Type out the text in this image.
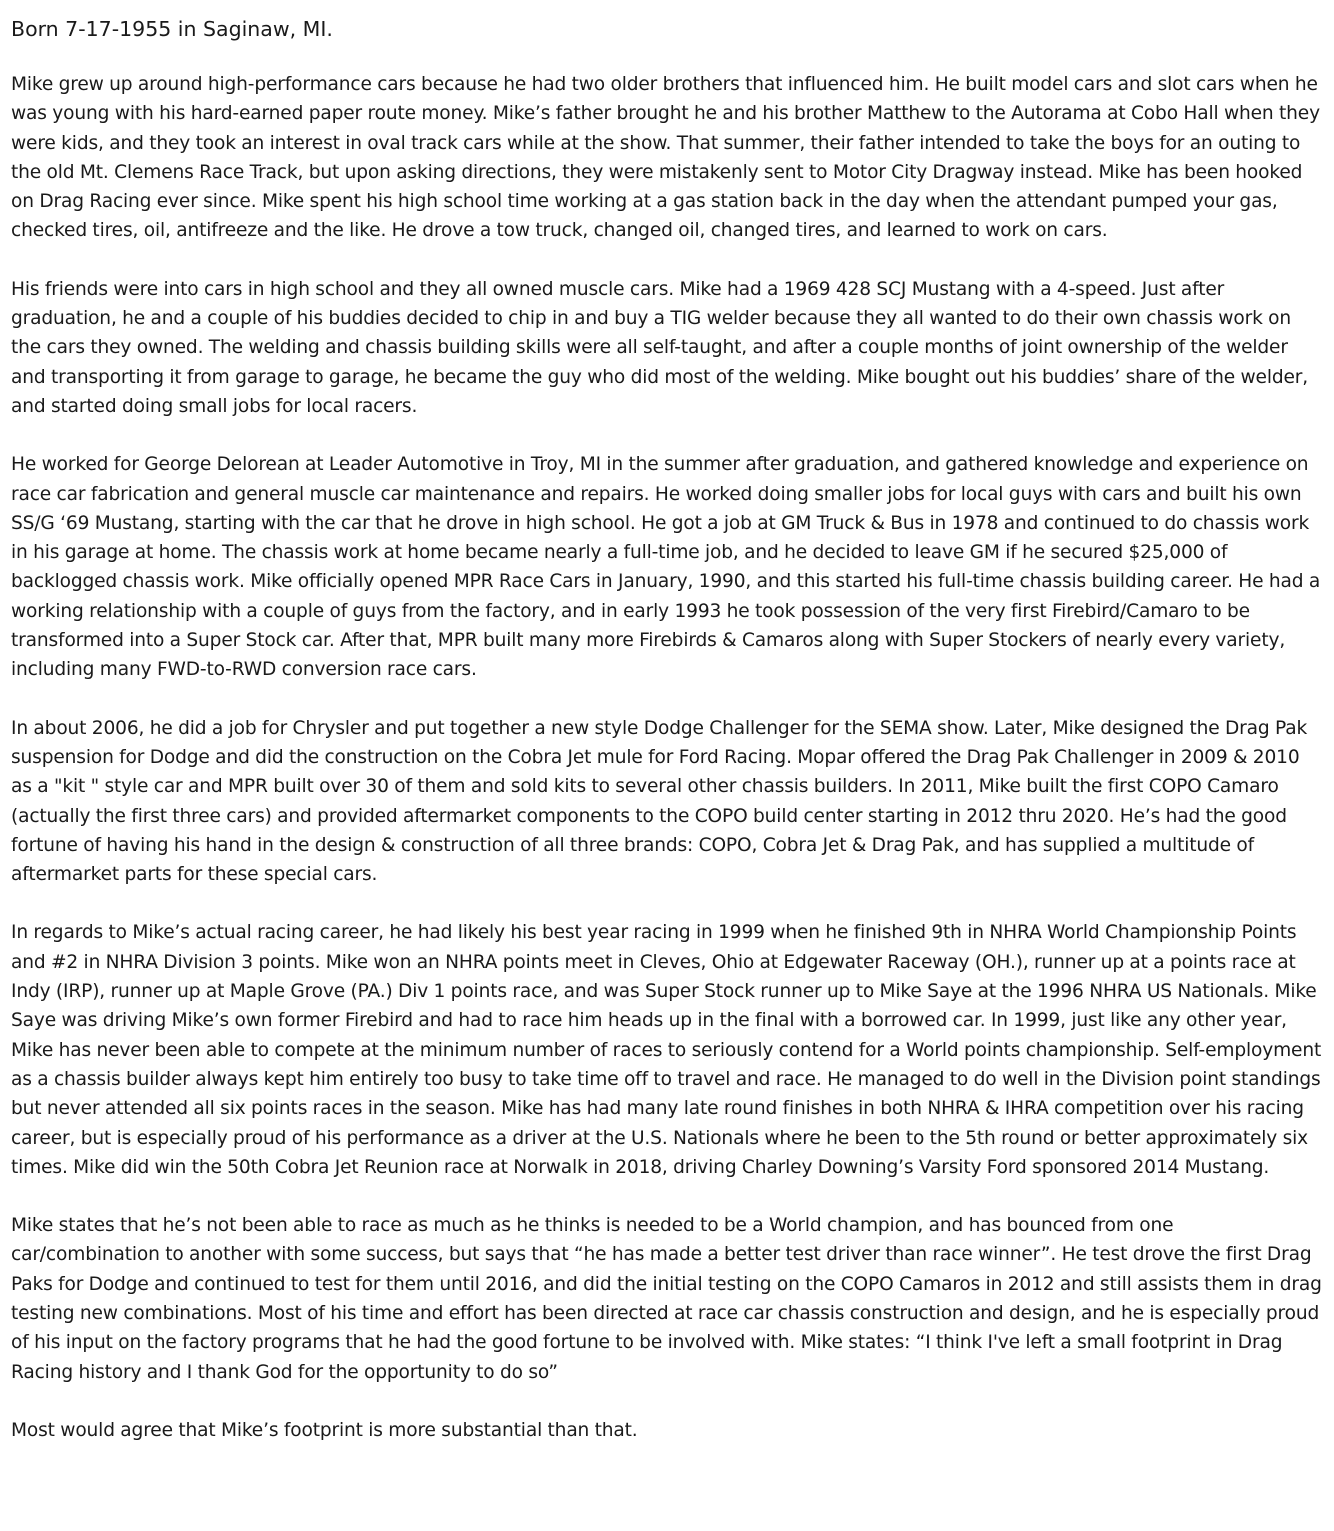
Born 7-17-1955 in Saginaw, MI.

Mike grew up around high-performance cars because he had two older brothers that influenced him. He built model cars and slot cars when he was young with his hard-earned paper route money. Mike’s father brought he and his brother Matthew to the Autorama at Cobo Hall when they were kids, and they took an interest in oval track cars while at the show. That summer, their father intended to take the boys for an outing to the old Mt. Clemens Race Track, but upon asking directions, they were mistakenly sent to Motor City Dragway instead. Mike has been hooked on Drag Racing ever since. Mike spent his high school time working at a gas station back in the day when the attendant pumped your gas, checked tires, oil, antifreeze and the like. He drove a tow truck, changed oil, changed tires, and learned to work on cars.

His friends were into cars in high school and they all owned muscle cars. Mike had a 1969 428 SCJ Mustang with a 4-speed. Just after graduation, he and a couple of his buddies decided to chip in and buy a TIG welder because they all wanted to do their own chassis work on the cars they owned. The welding and chassis building skills were all self-taught, and after a couple months of joint ownership of the welder and transporting it from garage to garage, he became the guy who did most of the welding. Mike bought out his buddies’ share of the welder, and started doing small jobs for local racers.

He worked for George Delorean at Leader Automotive in Troy, MI in the summer after graduation, and gathered knowledge and experience on race car fabrication and general muscle car maintenance and repairs. He worked doing smaller jobs for local guys with cars and built his own SS/G ‘69 Mustang, starting with the car that he drove in high school. He got a job at GM Truck & Bus in 1978 and continued to do chassis work in his garage at home. The chassis work at home became nearly a full-time job, and he decided to leave GM if he secured $25,000 of backlogged chassis work. Mike officially opened MPR Race Cars in January, 1990, and this started his full-time chassis building career. He had a working relationship with a couple of guys from the factory, and in early 1993 he took possession of the very first Firebird/Camaro to be transformed into a Super Stock car. After that, MPR built many more Firebirds & Camaros along with Super Stockers of nearly every variety, including many FWD-to-RWD conversion race cars.

In about 2006, he did a job for Chrysler and put together a new style Dodge Challenger for the SEMA show. Later, Mike designed the Drag Pak suspension for Dodge and did the construction on the Cobra Jet mule for Ford Racing. Mopar offered the Drag Pak Challenger in 2009 & 2010 as a "kit " style car and MPR built over 30 of them and sold kits to several other chassis builders. In 2011, Mike built the first COPO Camaro (actually the first three cars) and provided aftermarket components to the COPO build center starting in 2012 thru 2020. He’s had the good fortune of having his hand in the design & construction of all three brands: COPO, Cobra Jet & Drag Pak, and has supplied a multitude of aftermarket parts for these special cars.

In regards to Mike’s actual racing career, he had likely his best year racing in 1999 when he finished 9th in NHRA World Championship Points and #2 in NHRA Division 3 points. Mike won an NHRA points meet in Cleves, Ohio at Edgewater Raceway (OH.), runner up at a points race at Indy (IRP), runner up at Maple Grove (PA.) Div 1 points race, and was Super Stock runner up to Mike Saye at the 1996 NHRA US Nationals. Mike Saye was driving Mike’s own former Firebird and had to race him heads up in the final with a borrowed car. In 1999, just like any other year, Mike has never been able to compete at the minimum number of races to seriously contend for a World points championship. Self-employment as a chassis builder always kept him entirely too busy to take time off to travel and race. He managed to do well in the Division point standings but never attended all six points races in the season. Mike has had many late round finishes in both NHRA & IHRA competition over his racing career, but is especially proud of his performance as a driver at the U.S. Nationals where he been to the 5th round or better approximately six times. Mike did win the 50th Cobra Jet Reunion race at Norwalk in 2018, driving Charley Downing’s Varsity Ford sponsored 2014 Mustang.

Mike states that he’s not been able to race as much as he thinks is needed to be a World champion, and has bounced from one car/combination to another with some success, but says that “he has made a better test driver than race winner”. He test drove the first Drag Paks for Dodge and continued to test for them until 2016, and did the initial testing on the COPO Camaros in 2012 and still assists them in drag testing new combinations. Most of his time and effort has been directed at race car chassis construction and design, and he is especially proud of his input on the factory programs that he had the good fortune to be involved with. Mike states: “I think I've left a small footprint in Drag Racing history and I thank God for the opportunity to do so”

Most would agree that Mike’s footprint is more substantial than that.
